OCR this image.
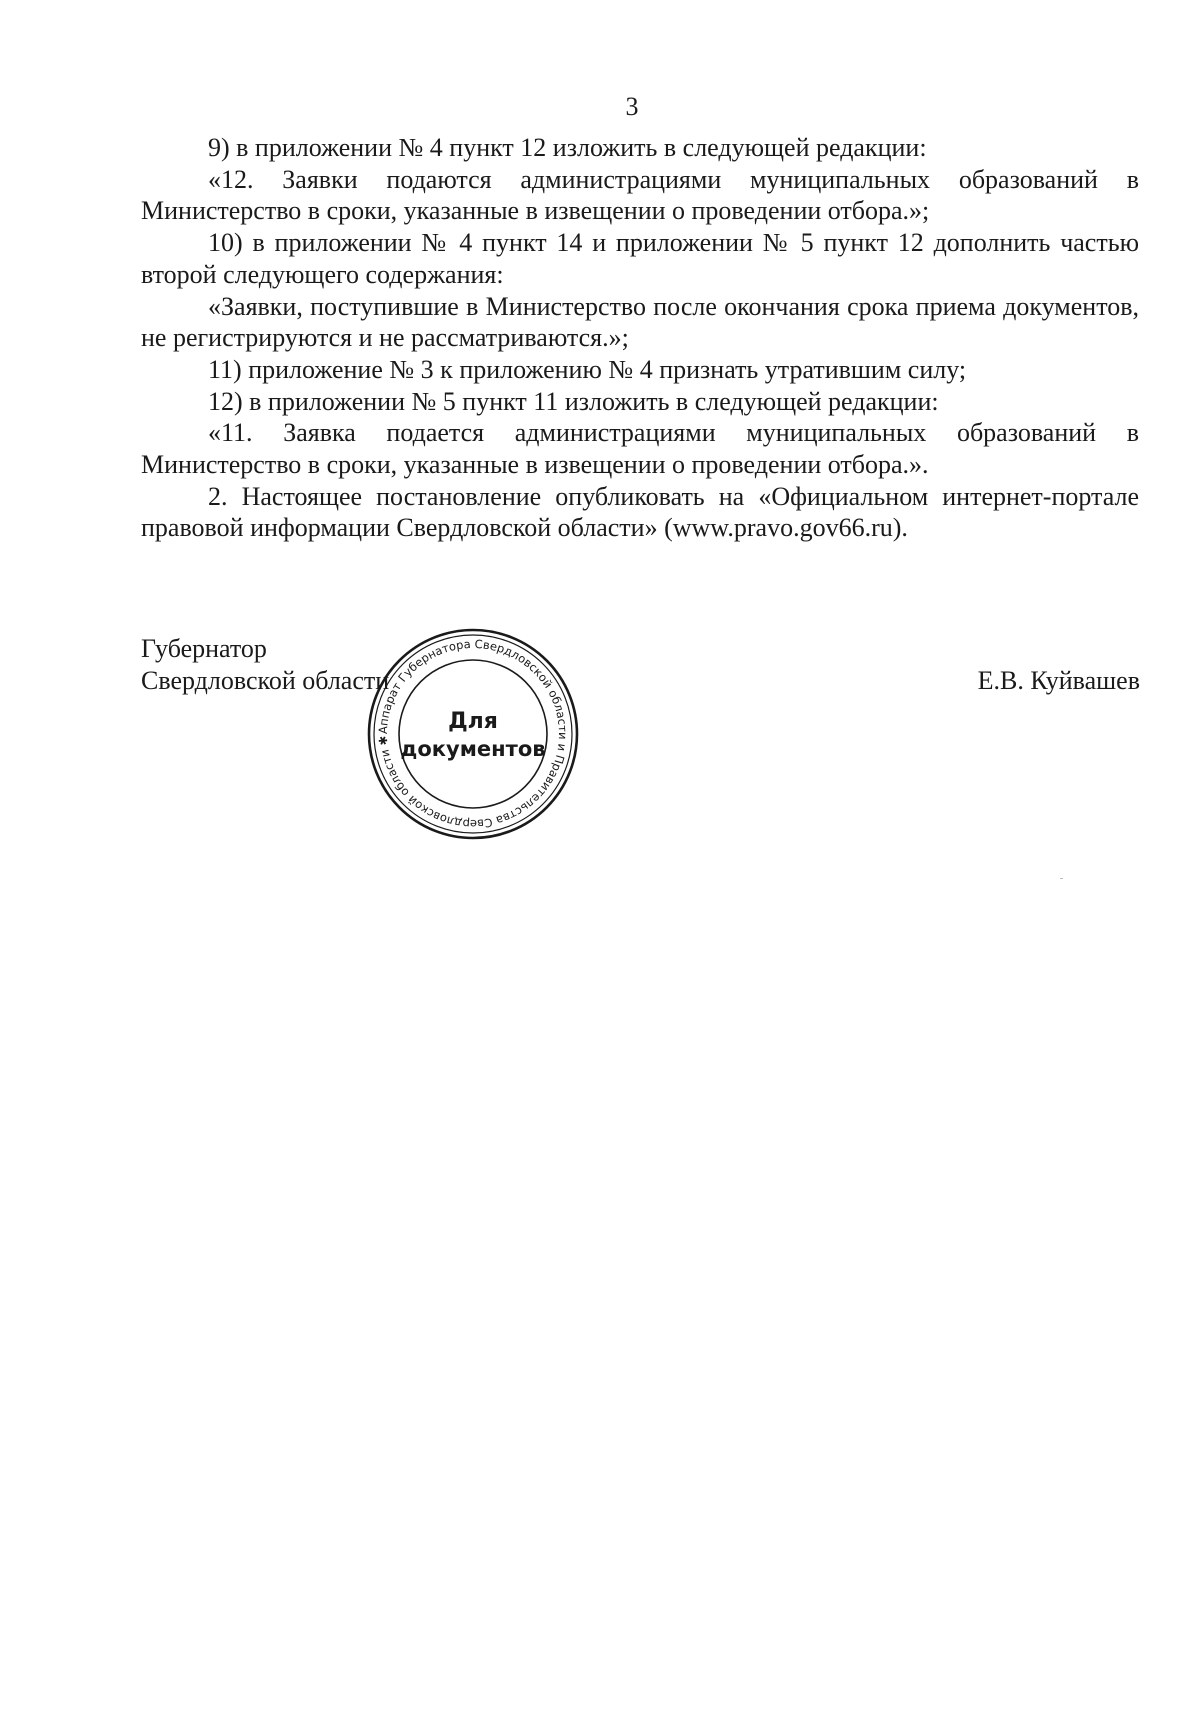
3

9) в приложении № 4 пункт 12 изложить в следующей редакции:

«12. Заявки подаются администрациями муниципальных образований в Министерство в сроки, указанные в извещении о проведении отбора.»;

10) в приложении № 4 пункт 14 и приложении № 5 пункт 12 дополнить частью второй следующего содержания:

«Заявки, поступившие в Министерство после окончания срока приема документов, не регистрируются и не рассматриваются.»;

11) приложение № 3 к приложению № 4 признать утратившим силу;

12) в приложении № 5 пункт 11 изложить в следующей редакции:

«11. Заявка подается администрациями муниципальных образований в Министерство в сроки, указанные в извещении о проведении отбора.».

2. Настоящее постановление опубликовать на «Официальном интернет-портале правовой информации Свердловской области» (www.pravo.gov66.ru).

Губернатор
Свердловской области	Е.В. Куйвашев
Аппарат Губернатора Свердловской области и Правительства Свердловской области ✱
Для
документов
